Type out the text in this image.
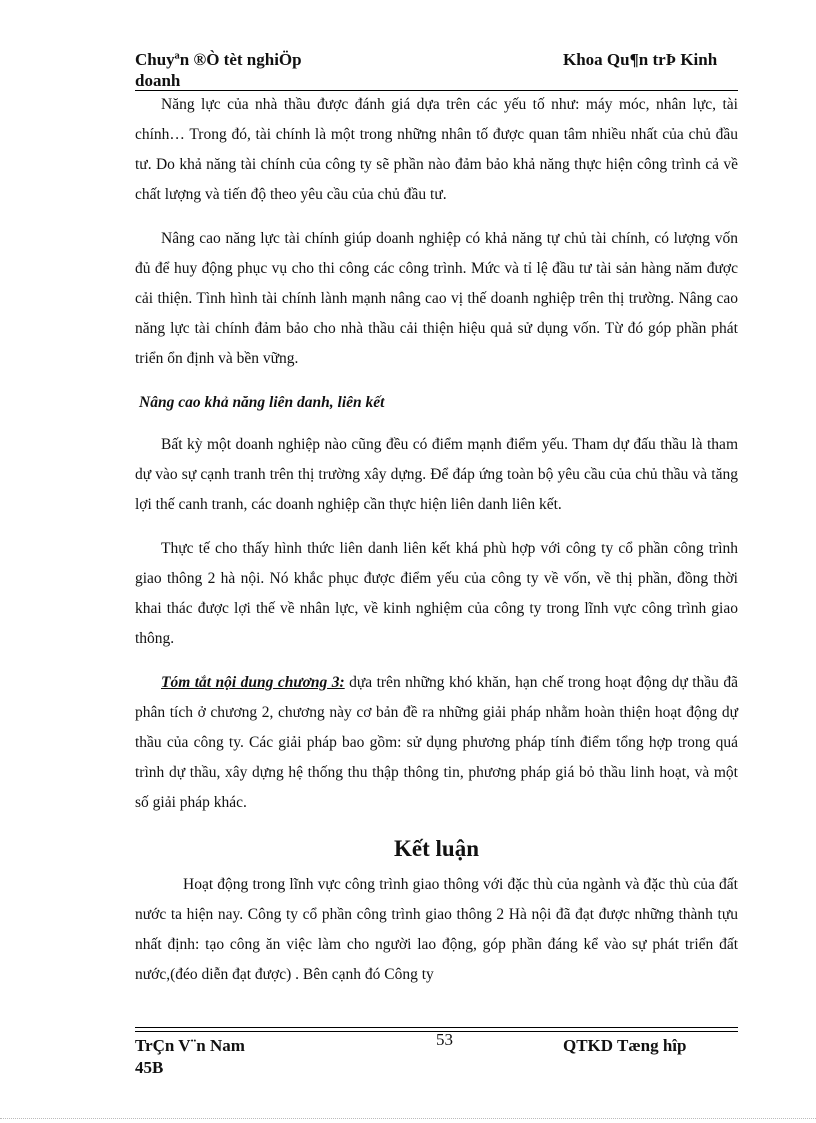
Chuyªn ®Ò tèt nghiÖp
doanh
Khoa Qu¶n trÞ Kinh

Năng lực của nhà thầu được đánh giá dựa trên các yếu tố như: máy móc, nhân lực, tài chính… Trong đó, tài chính là một trong những nhân tố được quan tâm nhiều nhất của chủ đầu tư. Do khả năng tài chính của công ty sẽ phần nào đảm bảo khả năng thực hiện công trình cả về chất lượng và tiến độ theo yêu cầu của chủ đầu tư.

Nâng cao năng lực tài chính giúp doanh nghiệp có khả năng tự chủ tài chính, có lượng vốn đủ để huy động phục vụ cho thi công các công trình. Mức và tỉ lệ đầu tư tài sản hàng năm được cải thiện. Tình hình tài chính lành mạnh nâng cao vị thế doanh nghiệp trên thị trường. Nâng cao năng lực tài chính đảm bảo cho nhà thầu cải thiện hiệu quả sử dụng vốn. Từ đó góp phần phát triển ổn định và bền vững.

Nâng cao khả năng liên danh, liên kết

Bất kỳ một doanh nghiệp nào cũng đều có điểm mạnh điểm yếu. Tham dự đấu thầu là tham dự vào sự cạnh tranh trên thị trường xây dựng. Để đáp ứng toàn bộ yêu cầu của chủ thầu và tăng lợi thế canh tranh, các doanh nghiệp cần thực hiện liên danh liên kết.

Thực tế cho thấy hình thức liên danh liên kết khá phù hợp với công ty cổ phần công trình giao thông 2 hà nội. Nó khắc phục được điểm yếu của công ty về vốn, về thị phần, đồng thời khai thác được lợi thế về nhân lực, về kinh nghiệm của công ty trong lĩnh vực công trình giao thông.

Tóm tắt nội dung chương 3: dựa trên những khó khăn, hạn chế trong hoạt động dự thầu đã phân tích ở chương 2, chương này cơ bản đề ra những giải pháp nhằm hoàn thiện hoạt động dự thầu của công ty. Các giải pháp bao gồm: sử dụng phương pháp tính điểm tổng hợp trong quá trình dự thầu, xây dựng hệ thống thu thập thông tin, phương pháp giá bỏ thầu linh hoạt, và một số giải pháp khác.

Kết luận

Hoạt động trong lĩnh vực công trình giao thông với đặc thù của ngành và đặc thù của đất nước ta hiện nay. Công ty cổ phần công trình giao thông 2 Hà nội đã đạt được những thành tựu nhất định: tạo công ăn việc làm cho người lao động, góp phần đáng kể vào sự phát triển đất nước,(đéo diễn đạt được) . Bên cạnh đó Công ty

53
TrÇn V¨n Nam
45B
QTKD Tæng hîp
